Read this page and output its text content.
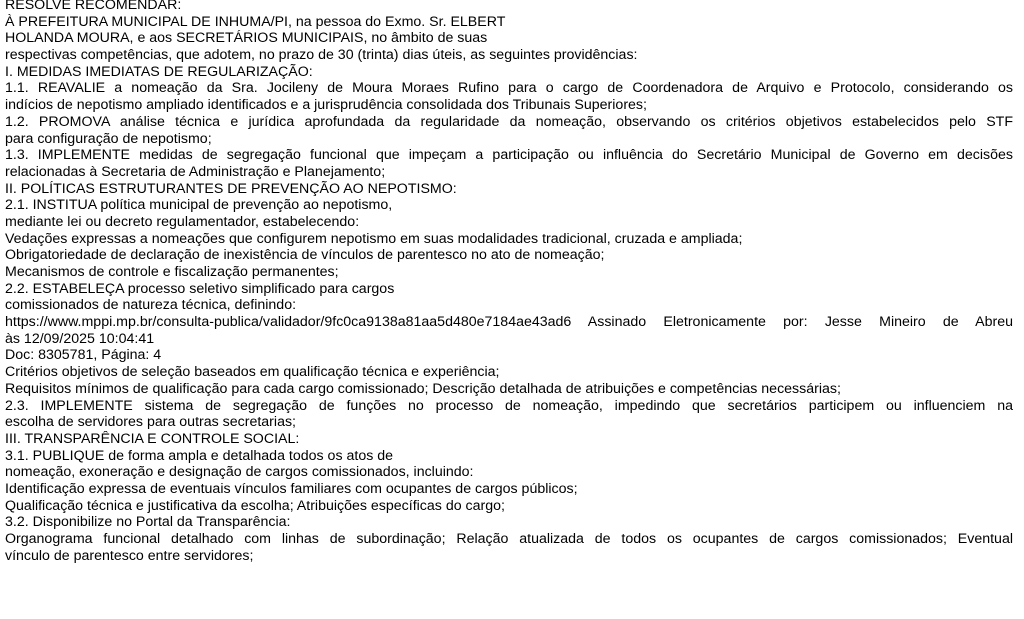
RESOLVE RECOMENDAR:
À PREFEITURA MUNICIPAL DE INHUMA/PI, na pessoa do Exmo. Sr. ELBERT
HOLANDA MOURA, e aos SECRETÁRIOS MUNICIPAIS, no âmbito de suas
respectivas competências, que adotem, no prazo de 30 (trinta) dias úteis, as seguintes providências:
I. MEDIDAS IMEDIATAS DE REGULARIZAÇÃO:
1.1. REAVALIE a nomeação da Sra. Jocileny de Moura Moraes Rufino para o cargo de Coordenadora de Arquivo e Protocolo, considerando os
indícios de nepotismo ampliado identificados e a jurisprudência consolidada dos Tribunais Superiores;
1.2. PROMOVA análise técnica e jurídica aprofundada da regularidade da nomeação, observando os critérios objetivos estabelecidos pelo STF
para configuração de nepotismo;
1.3. IMPLEMENTE medidas de segregação funcional que impeçam a participação ou influência do Secretário Municipal de Governo em decisões
relacionadas à Secretaria de Administração e Planejamento;
II. POLÍTICAS ESTRUTURANTES DE PREVENÇÃO AO NEPOTISMO:
2.1. INSTITUA política municipal de prevenção ao nepotismo,
mediante lei ou decreto regulamentador, estabelecendo:
Vedações expressas a nomeações que configurem nepotismo em suas modalidades tradicional, cruzada e ampliada;
Obrigatoriedade de declaração de inexistência de vínculos de parentesco no ato de nomeação;
Mecanismos de controle e fiscalização permanentes;
2.2. ESTABELEÇA processo seletivo simplificado para cargos
comissionados de natureza técnica, definindo:
https://www.mppi.mp.br/consulta-publica/validador/9fc0ca9138a81aa5d480e7184ae43ad6 Assinado Eletronicamente por: Jesse Mineiro de Abreu
às 12/09/2025 10:04:41
Doc: 8305781, Página: 4
Critérios objetivos de seleção baseados em qualificação técnica e experiência;
Requisitos mínimos de qualificação para cada cargo comissionado; Descrição detalhada de atribuições e competências necessárias;
2.3. IMPLEMENTE sistema de segregação de funções no processo de nomeação, impedindo que secretários participem ou influenciem na
escolha de servidores para outras secretarias;
III. TRANSPARÊNCIA E CONTROLE SOCIAL:
3.1. PUBLIQUE de forma ampla e detalhada todos os atos de
nomeação, exoneração e designação de cargos comissionados, incluindo:
Identificação expressa de eventuais vínculos familiares com ocupantes de cargos públicos;
Qualificação técnica e justificativa da escolha; Atribuições específicas do cargo;
3.2. Disponibilize no Portal da Transparência:
Organograma funcional detalhado com linhas de subordinação; Relação atualizada de todos os ocupantes de cargos comissionados; Eventual
vínculo de parentesco entre servidores;
